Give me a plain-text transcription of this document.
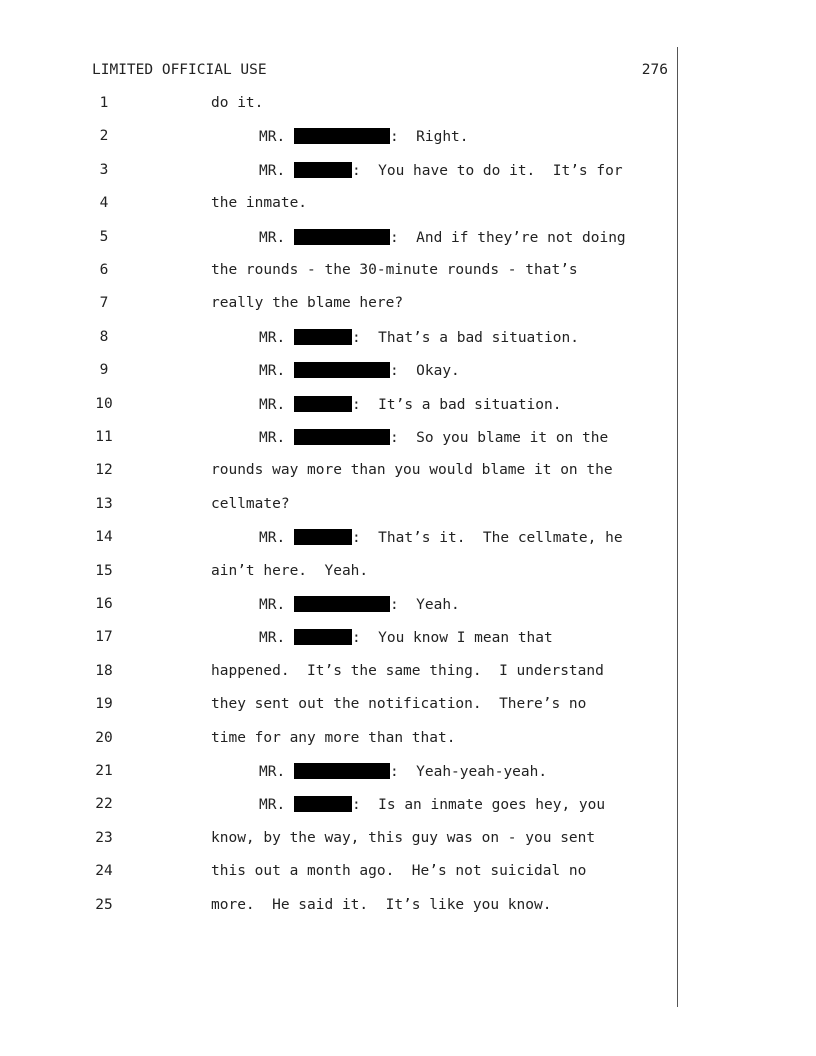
LIMITED OFFICIAL USE	276
1	do it.
2	MR.	:  Right.
3	MR.	:  You have to do it.  It’s for
4	the inmate.
5	MR.	:  And if they’re not doing
6	the rounds - the 30-minute rounds - that’s
7	really the blame here?
8	MR.	:  That’s a bad situation.
9	MR.	:  Okay.
10	MR.	:  It’s a bad situation.
11	MR.	:  So you blame it on the
12	rounds way more than you would blame it on the
13	cellmate?
14	MR.	:  That’s it.  The cellmate, he
15	ain’t here.  Yeah.
16	MR.	:  Yeah.
17	MR.	:  You know I mean that
18	happened.  It’s the same thing.  I understand
19	they sent out the notification.  There’s no
20	time for any more than that.
21	MR.	:  Yeah-yeah-yeah.
22	MR.	:  Is an inmate goes hey, you
23	know, by the way, this guy was on - you sent
24	this out a month ago.  He’s not suicidal no
25	more.  He said it.  It’s like you know.
